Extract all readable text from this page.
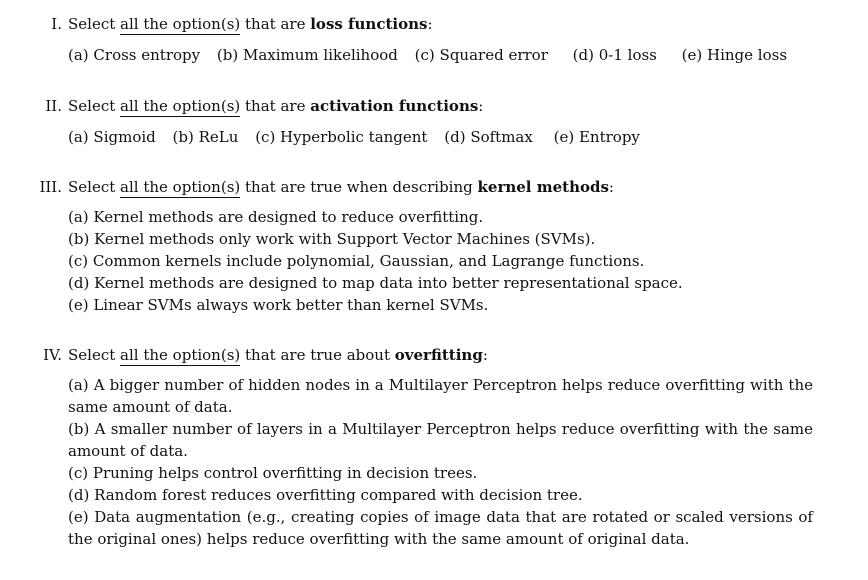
I. Select all the option(s) that are loss functions:
(a) Cross entropy (b) Maximum likelihood (c) Squared error (d) 0-1 loss (e) Hinge loss
II. Select all the option(s) that are activation functions:
(a) Sigmoid (b) ReLu (c) Hyperbolic tangent (d) Softmax (e) Entropy
III. Select all the option(s) that are true when describing kernel methods:
(a) Kernel methods are designed to reduce overfitting.
(b) Kernel methods only work with Support Vector Machines (SVMs).
(c) Common kernels include polynomial, Gaussian, and Lagrange functions.
(d) Kernel methods are designed to map data into better representational space.
(e) Linear SVMs always work better than kernel SVMs.
IV. Select all the option(s) that are true about overfitting:
(a) A bigger number of hidden nodes in a Multilayer Perceptron helps reduce overfitting with the same amount of data.
(b) A smaller number of layers in a Multilayer Perceptron helps reduce overfitting with the same amount of data.
(c) Pruning helps control overfitting in decision trees.
(d) Random forest reduces overfitting compared with decision tree.
(e) Data augmentation (e.g., creating copies of image data that are rotated or scaled versions of the original ones) helps reduce overfitting with the same amount of original data.
